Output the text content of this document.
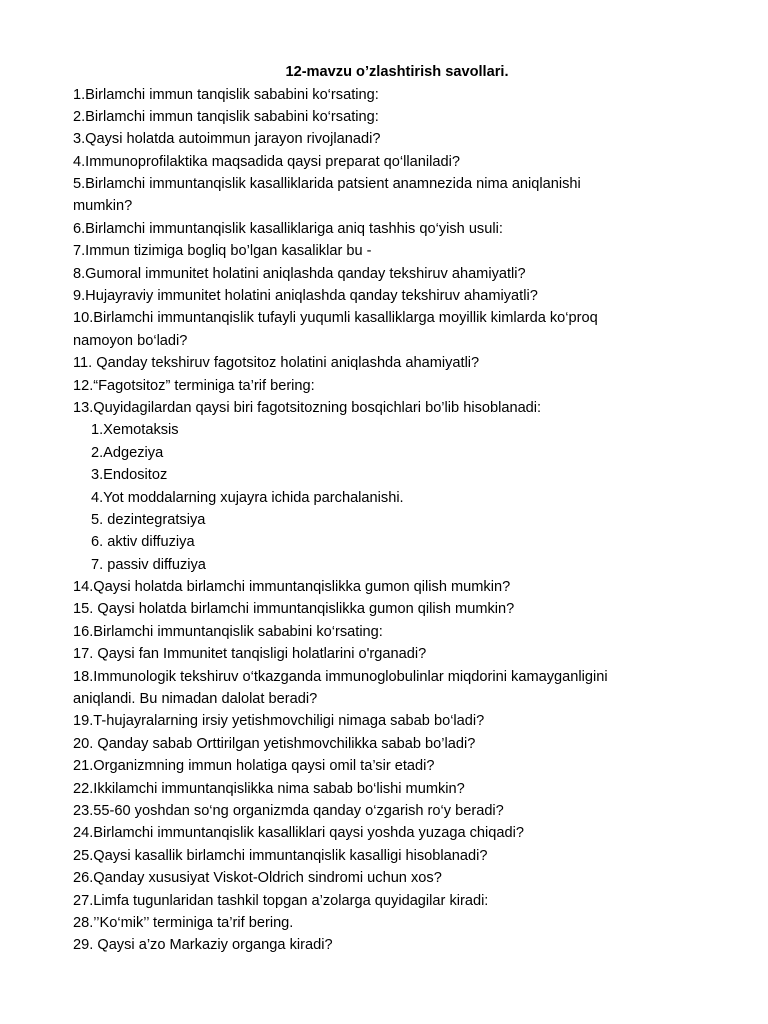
12-mavzu o’zlashtirish savollari.
1.Birlamchi immun tanqislik sababini ko‘rsating:
2.Birlamchi immun tanqislik sababini ko‘rsating:
3.Qaysi holatda autoimmun jarayon rivojlanadi?
4.Immunoprofilaktika maqsadida qaysi preparat qo‘llaniladi?
5.Birlamchi immuntanqislik kasalliklarida patsient anamnezida nima aniqlanishi
mumkin?
6.Birlamchi immuntanqislik kasalliklariga aniq tashhis qo‘yish usuli:
7.Immun tizimiga bogliq bo’lgan kasaliklar bu -
8.Gumoral immunitet holatini aniqlashda qanday tekshiruv ahamiyatli?
9.Hujayraviy immunitet holatini aniqlashda qanday tekshiruv ahamiyatli?
10.Birlamchi immuntanqislik tufayli yuqumli kasalliklarga moyillik kimlarda ko‘proq
namoyon bo‘ladi?
11. Qanday tekshiruv fagotsitoz holatini aniqlashda ahamiyatli?
12.“Fagotsitoz” terminiga ta’rif bering:
13.Quyidagilardan qaysi biri fagotsitozning bosqichlari bo’lib hisoblanadi:
1.Xemotaksis
2.Adgeziya
3.Endositoz
4.Yot moddalarning xujayra ichida parchalanishi.
5. dezintegratsiya
6. aktiv diffuziya
7. passiv diffuziya
14.Qaysi holatda birlamchi immuntanqislikka gumon qilish mumkin?
15. Qaysi holatda birlamchi immuntanqislikka gumon qilish mumkin?
16.Birlamchi immuntanqislik sababini ko‘rsating:
17. Qaysi fan Immunitet tanqisligi holatlarini o'rganadi?
18.Immunologik tekshiruv o‘tkazganda immunoglobulinlar miqdorini kamayganligini
aniqlandi. Bu nimadan dalolat beradi?
19.T-hujayralarning irsiy yetishmovchiligi nimaga sabab bo‘ladi?
20. Qanday sabab Orttirilgan yetishmovchilikka sabab bo’ladi?
21.Organizmning immun holatiga qaysi omil ta’sir etadi?
22.Ikkilamchi immuntanqislikka nima sabab bo‘lishi mumkin?
23.55-60 yoshdan so‘ng organizmda qanday o‘zgarish ro‘y beradi?
24.Birlamchi immuntanqislik kasalliklari qaysi yoshda yuzaga chiqadi?
25.Qaysi kasallik birlamchi immuntanqislik kasalligi hisoblanadi?
26.Qanday xususiyat Viskot-Oldrich sindromi uchun xos?
27.Limfa tugunlaridan tashkil topgan a’zolarga quyidagilar kiradi:
28.’’Ko‘mik’’ terminiga ta’rif bering.
29. Qaysi a’zo Markaziy organga kiradi?
